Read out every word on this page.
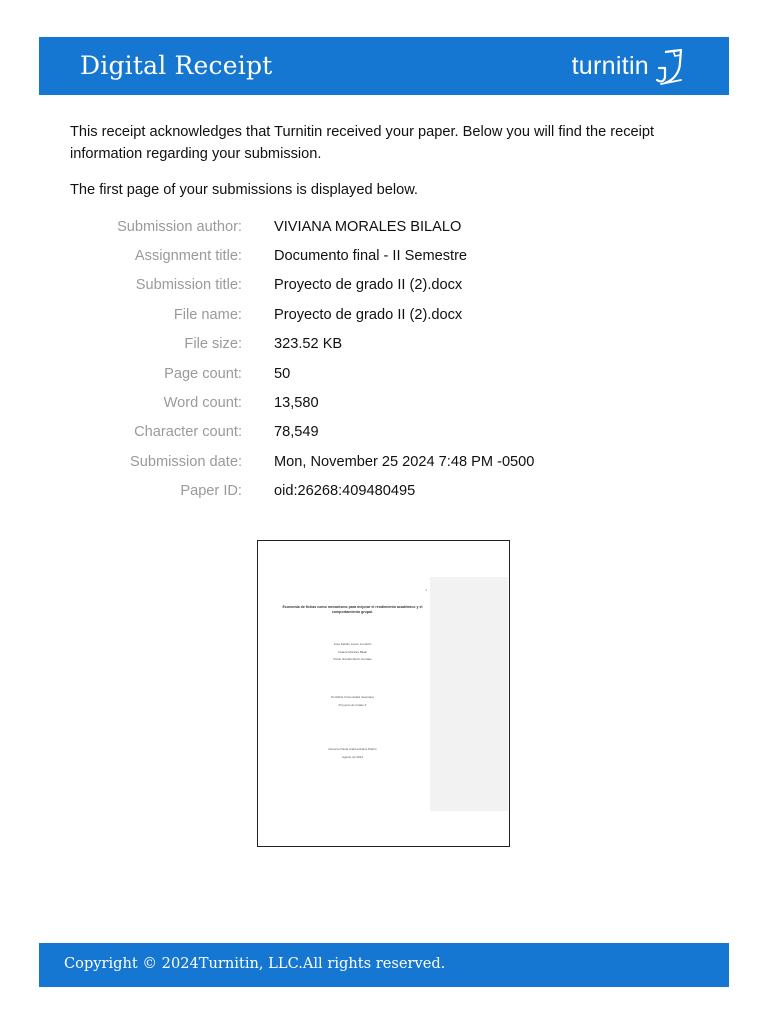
Digital Receipt	turnitin
This receipt acknowledges that Turnitin received your paper. Below you will find the receipt information regarding your submission.
The first page of your submissions is displayed below.
Submission author: VIVIANA MORALES BILALO
Assignment title: Documento final - II Semestre
Submission title: Proyecto de grado II (2).docx
File name: Proyecto de grado II (2).docx
File size: 323.52 KB
Page count: 50
Word count: 13,580
Character count: 78,549
Submission date: Mon, November 25 2024 7:48 PM -0500
Paper ID: oid:26268:409480495
1
Economía de fichas como mecanismo para mejorar el rendimiento académico y el comportamiento grupal.
José Fabián López Londoño
Viviana Morales Bilalo
Oscar Nicolás Marín Hurtado
Pontificia Universidad Javeriana
Proyecto de Grado II
Docente Paula Andrea Ibarra Patiño
Agosto de 2024
Copyright © 2024Turnitin, LLC.All rights reserved.
